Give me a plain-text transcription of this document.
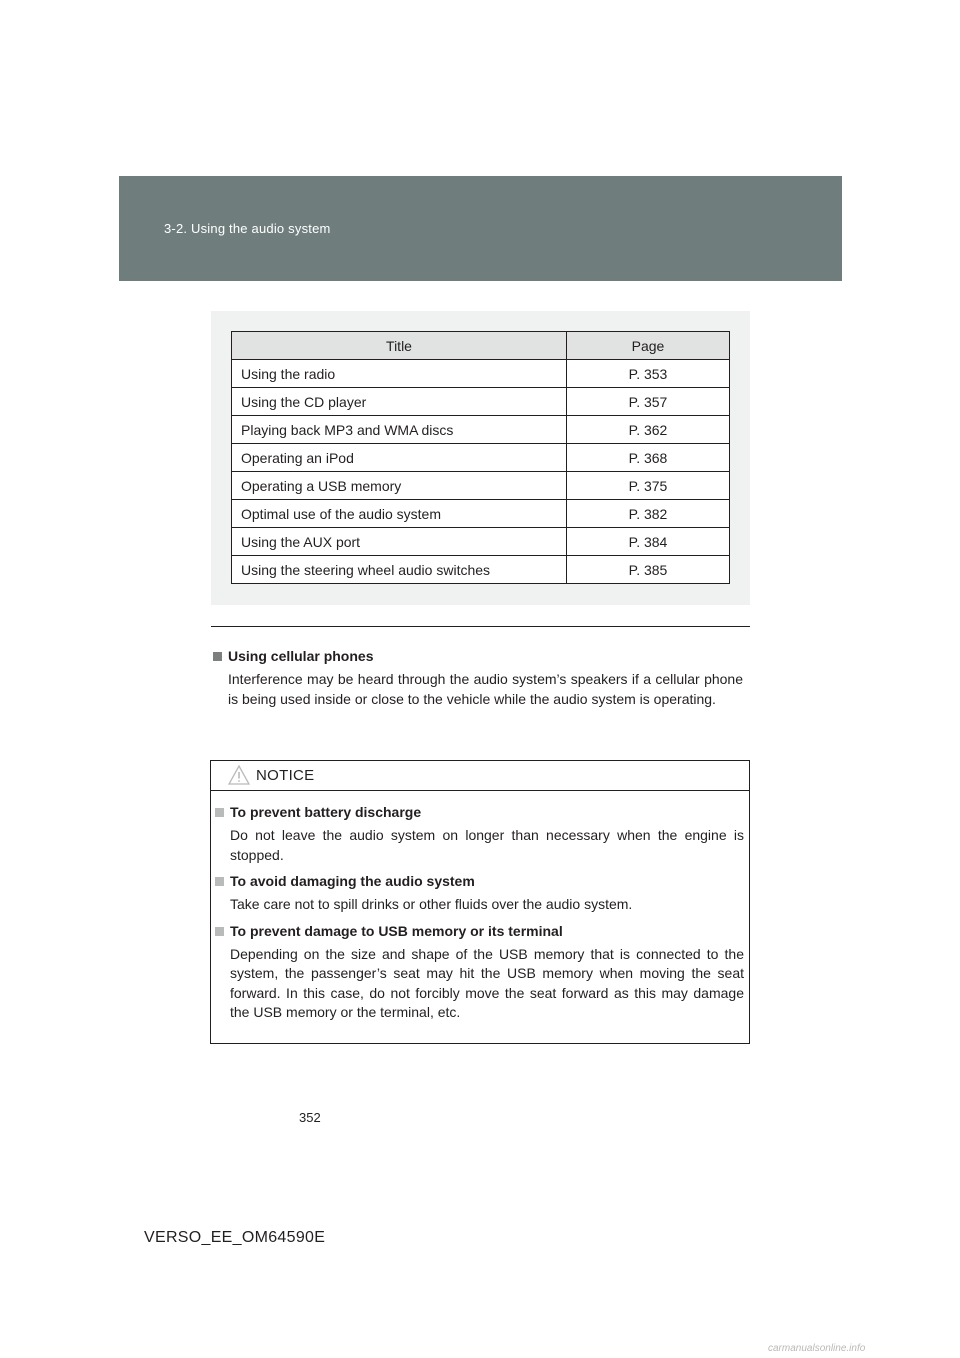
3-2. Using the audio system
Title	Page
Using the radio	P. 353
Using the CD player	P. 357
Playing back MP3 and WMA discs	P. 362
Operating an iPod	P. 368
Operating a USB memory	P. 375
Optimal use of the audio system	P. 382
Using the AUX port	P. 384
Using the steering wheel audio switches	P. 385
Using cellular phones
Interference may be heard through the audio system’s speakers if a cellular phone is being used inside or close to the vehicle while the audio system is operating.
NOTICE
To prevent battery discharge
Do not leave the audio system on longer than necessary when the engine is stopped.
To avoid damaging the audio system
Take care not to spill drinks or other fluids over the audio system.
To prevent damage to USB memory or its terminal
Depending on the size and shape of the USB memory that is connected to the system, the passenger’s seat may hit the USB memory when moving the seat forward. In this case, do not forcibly move the seat forward as this may damage the USB memory or the terminal, etc.
352
VERSO_EE_OM64590E
carmanualsonline.info
